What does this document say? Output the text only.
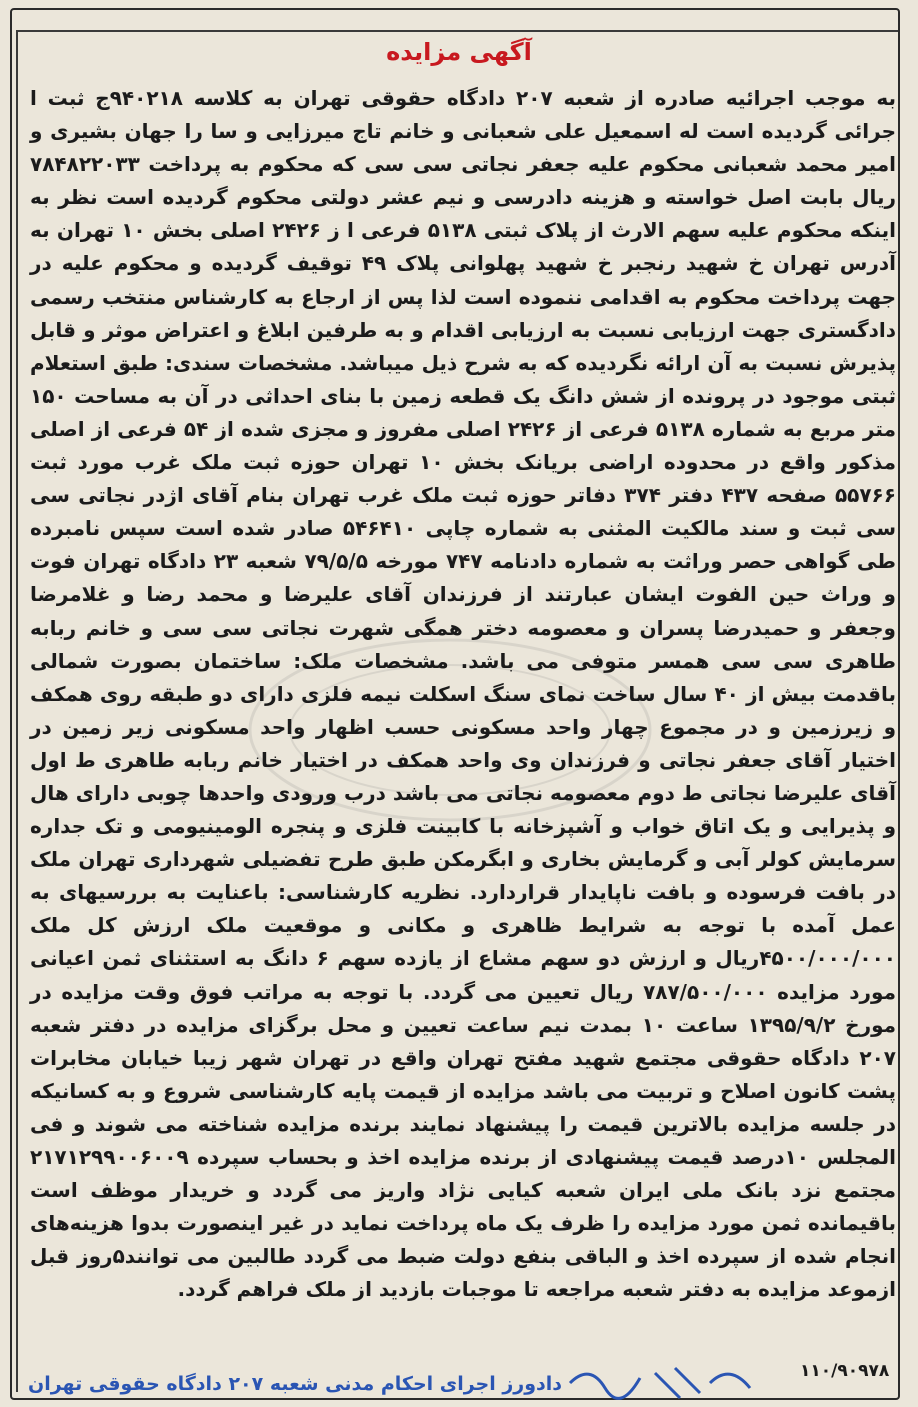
آگهی مزایده

به موجب اجرائیه صادره از شعبه ۲۰۷ دادگاه حقوقی تهران به کلاسه ۹۴۰۲۱۸ج ثبت ا جرائی گردیده است له اسمعیل علی شعبانی و خانم تاج میرزایی و سا را جهان بشیری و امیر محمد شعبانی محکوم علیه جعفر نجاتی سی سی که محکوم به پرداخت ۷۸۴۸۲۲۰۳۳ ریال بابت اصل خواسته و هزینه دادرسی و نیم عشر دولتی محکوم گردیده است نظر به اینکه محکوم علیه سهم الارث از پلاک ثبتی ۵۱۳۸ فرعی ا ز ۲۴۲۶ اصلی بخش ۱۰ تهران به آدرس تهران خ شهید رنجبر خ شهید پهلوانی پلاک ۴۹ توقیف گردیده و محکوم علیه در جهت پرداخت محکوم به اقدامی ننموده است لذا پس از ارجاع به کارشناس منتخب رسمی دادگستری جهت ارزیابی نسبت به ارزیابی اقدام و به طرفین ابلاغ و اعتراض موثر و قابل پذیرش نسبت به آن ارائه نگردیده که به شرح ذیل میباشد. مشخصات سندی: طبق استعلام ثبتی موجود در پرونده از شش دانگ یک قطعه زمین با بنای احداثی در آن به مساحت ۱۵۰ متر مربع به شماره ۵۱۳۸ فرعی از ۲۴۲۶ اصلی مفروز و مجزی شده از ۵۴ فرعی از اصلی مذکور واقع در محدوده اراضی بریانک بخش ۱۰ تهران حوزه ثبت ملک غرب مورد ثبت ۵۵۷۶۶ صفحه ۴۳۷ دفتر ۳۷۴ دفاتر حوزه ثبت ملک غرب تهران بنام آقای اژدر نجاتی سی سی ثبت و سند مالکیت المثنی به شماره چاپی ۵۴۶۴۱۰ صادر شده است سپس نامبرده طی گواهی حصر وراثت به شماره دادنامه ۷۴۷ مورخه ۷۹/۵/۵ شعبه ۲۳ دادگاه تهران فوت و وراث حین الفوت ایشان عبارتند از فرزندان آقای علیرضا و محمد رضا و غلامرضا وجعفر و حمیدرضا پسران و معصومه دختر همگی شهرت نجاتی سی سی و خانم ربابه طاهری سی سی همسر متوفی می باشد. مشخصات ملک: ساختمان بصورت شمالی باقدمت بیش از ۴۰ سال ساخت نمای سنگ اسکلت نیمه فلزی دارای دو طبقه روی همکف و زیرزمین و در مجموع چهار واحد مسکونی حسب اظهار واحد مسکونی زیر زمین در اختیار آقای جعفر نجاتی و فرزندان وی واحد همکف در اختیار خانم ربابه طاهری ط اول آقای علیرضا نجاتی ط دوم معصومه نجاتی می باشد درب ورودی واحدها چوبی دارای هال و پذیرایی و یک اتاق خواب و آشپزخانه با کابینت فلزی و پنجره الومینیومی و تک جداره سرمایش کولر آبی و گرمایش بخاری و ابگرمکن طبق طرح تفضیلی شهرداری تهران ملک در بافت فرسوده و بافت ناپایدار قراردارد. نظریه کارشناسی: باعنایت به بررسیهای به عمل آمده با توجه به شرایط ظاهری و مکانی و موقعیت ملک ارزش کل ملک ۴۵۰۰/۰۰۰/۰۰۰ریال و ارزش دو سهم مشاع از یازده سهم ۶ دانگ به استثنای ثمن اعیانی مورد مزایده ۷۸۷/۵۰۰/۰۰۰ ریال تعیین می گردد. با توجه به مراتب فوق وقت مزایده در مورخ ۱۳۹۵/۹/۲ ساعت ۱۰ بمدت نیم ساعت تعیین و محل برگزای مزایده در دفتر شعبه ۲۰۷ دادگاه حقوقی مجتمع شهید مفتح تهران واقع در تهران شهر زیبا خیابان مخابرات پشت کانون اصلاح و تربیت می باشد مزایده از قیمت پایه کارشناسی شروع و به کسانیکه در جلسه مزایده بالاترین قیمت را پیشنهاد نمایند برنده مزایده شناخته می شوند و فی المجلس ۱۰درصد قیمت پیشنهادی از برنده مزایده اخذ و بحساب سپرده ۲۱۷۱۲۹۹۰۰۶۰۰۹ مجتمع نزد بانک ملی ایران شعبه کیایی نژاد واریز می گردد و خریدار موظف است باقیمانده ثمن مورد مزایده را ظرف یک ماه پرداخت نماید در غیر اینصورت بدوا هزینه‌های انجام شده از سپرده اخذ و الباقی بنفع دولت ضبط می گردد طالبین می توانند۵روز قبل ازموعد مزایده به دفتر شعبه مراجعه تا موجبات بازدید از ملک فراهم گردد.

۱۱۰/۹۰۹۷۸
دادورز اجرای احکام مدنی شعبه ۲۰۷ دادگاه حقوقی تهران
